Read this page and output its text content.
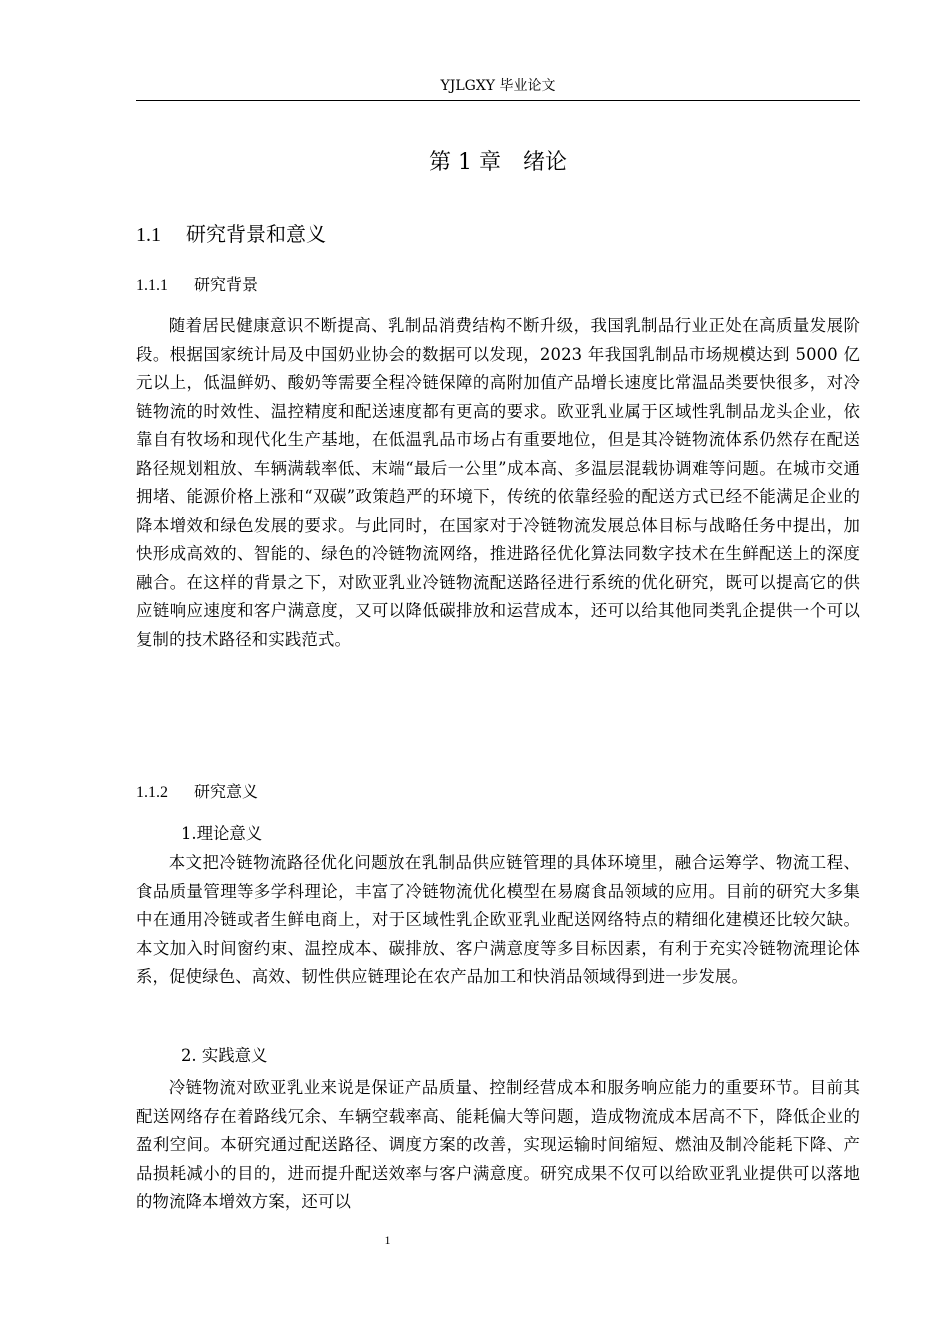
YJLGXY 毕业论文
第 1 章　绪论
1.1 研究背景和意义
1.1.1 研究背景

随着居民健康意识不断提高、乳制品消费结构不断升级，我国乳制品行业正处在高质量发展阶段。根据国家统计局及中国奶业协会的数据可以发现，2023 年我国乳制品市场规模达到 5000 亿元以上，低温鲜奶、酸奶等需要全程冷链保障的高附加值产品增长速度比常温品类要快很多，对冷链物流的时效性、温控精度和配送速度都有更高的要求。欧亚乳业属于区域性乳制品龙头企业，依靠自有牧场和现代化生产基地，在低温乳品市场占有重要地位，但是其冷链物流体系仍然存在配送路径规划粗放、车辆满载率低、末端“最后一公里”成本高、多温层混载协调难等问题。在城市交通拥堵、能源价格上涨和“双碳”政策趋严的环境下，传统的依靠经验的配送方式已经不能满足企业的降本增效和绿色发展的要求。与此同时，在国家对于冷链物流发展总体目标与战略任务中提出，加快形成高效的、智能的、绿色的冷链物流网络，推进路径优化算法同数字技术在生鲜配送上的深度融合。在这样的背景之下，对欧亚乳业冷链物流配送路径进行系统的优化研究，既可以提高它的供应链响应速度和客户满意度，又可以降低碳排放和运营成本，还可以给其他同类乳企提供一个可以复制的技术路径和实践范式。

1.1.2 研究意义
1.理论意义

本文把冷链物流路径优化问题放在乳制品供应链管理的具体环境里，融合运筹学、物流工程、食品质量管理等多学科理论，丰富了冷链物流优化模型在易腐食品领域的应用。目前的研究大多集中在通用冷链或者生鲜电商上，对于区域性乳企欧亚乳业配送网络特点的精细化建模还比较欠缺。本文加入时间窗约束、温控成本、碳排放、客户满意度等多目标因素，有利于充实冷链物流理论体系，促使绿色、高效、韧性供应链理论在农产品加工和快消品领域得到进一步发展。

2. 实践意义

冷链物流对欧亚乳业来说是保证产品质量、控制经营成本和服务响应能力的重要环节。目前其配送网络存在着路线冗余、车辆空载率高、能耗偏大等问题，造成物流成本居高不下，降低企业的盈利空间。本研究通过配送路径、调度方案的改善，实现运输时间缩短、燃油及制冷能耗下降、产品损耗减小的目的，进而提升配送效率与客户满意度。研究成果不仅可以给欧亚乳业提供可以落地的物流降本增效方案，还可以

1
